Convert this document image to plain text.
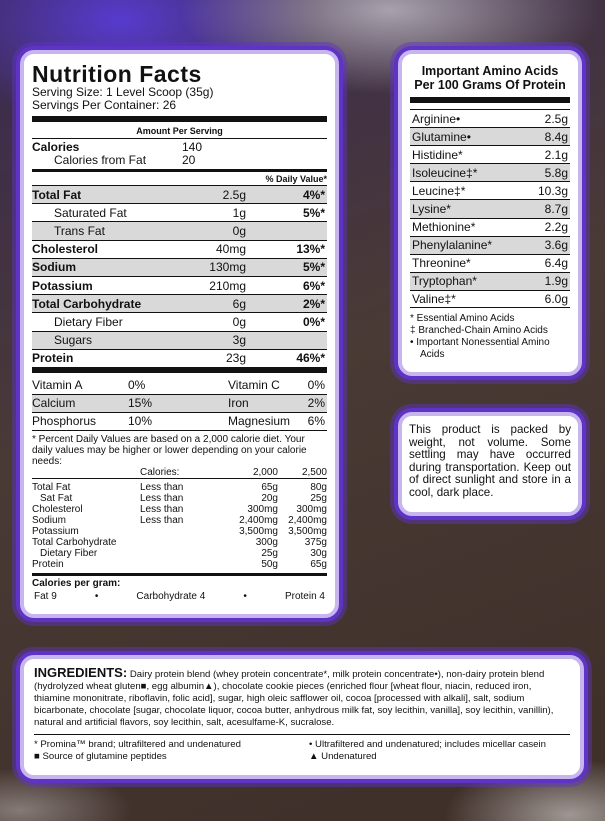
Nutrition Facts
Serving Size: 1 Level Scoop (35g)
Servings Per Container: 26
Amount Per Serving
Calories	140
Calories from Fat	20
% Daily Value*
Total Fat	2.5g	4%*
Saturated Fat	1g	5%*
Trans Fat	0g
Cholesterol	40mg	13%*
Sodium	130mg	5%*
Potassium	210mg	6%*
Total Carbohydrate	6g	2%*
Dietary Fiber	0g	0%*
Sugars	3g
Protein	23g	46%*
Vitamin A	0%	Vitamin C	0%
Calcium	15%	Iron	2%
Phosphorus	10%	Magnesium	6%
* Percent Daily Values are based on a 2,000 calorie diet. Your daily values may be higher or lower depending on your calorie needs:
	Calories:	2,000	2,500
Total Fat	Less than	65g	80g
Sat Fat	Less than	20g	25g
Cholesterol	Less than	300mg	300mg
Sodium	Less than	2,400mg	2,400mg
Potassium		3,500mg	3,500mg
Total Carbohydrate		300g	375g
Dietary Fiber		25g	30g
Protein		50g	65g
Calories per gram:
Fat 9	•	Carbohydrate 4	•	Protein 4
Important Amino Acids
Per 100 Grams Of Protein
Arginine•	2.5g
Glutamine•	8.4g
Histidine*	2.1g
Isoleucine‡*	5.8g
Leucine‡*	10.3g
Lysine*	8.7g
Methionine*	2.2g
Phenylalanine*	3.6g
Threonine*	6.4g
Tryptophan*	1.9g
Valine‡*	6.0g
* Essential Amino Acids
‡ Branched-Chain Amino Acids
• Important Nonessential Amino Acids
This product is packed by weight, not volume. Some settling may have occurred during transportation. Keep out of direct sunlight and store in a cool, dark place.
INGREDIENTS: Dairy protein blend (whey protein concentrate*, milk protein concentrate•), non-dairy protein blend (hydrolyzed wheat gluten■, egg albumin▲), chocolate cookie pieces (enriched flour [wheat flour, niacin, reduced iron, thiamine mononitrate, riboflavin, folic acid], sugar, high oleic safflower oil, cocoa [processed with alkali], salt, sodium bicarbonate, chocolate [sugar, chocolate liquor, cocoa butter, anhydrous milk fat, soy lecithin, vanilla], soy lecithin, vanillin), natural and artificial flavors, soy lecithin, salt, acesulfame-K, sucralose.
* Promina™ brand; ultrafiltered and undenatured
■ Source of glutamine peptides
• Ultrafiltered and undenatured; includes micellar casein
▲ Undenatured
